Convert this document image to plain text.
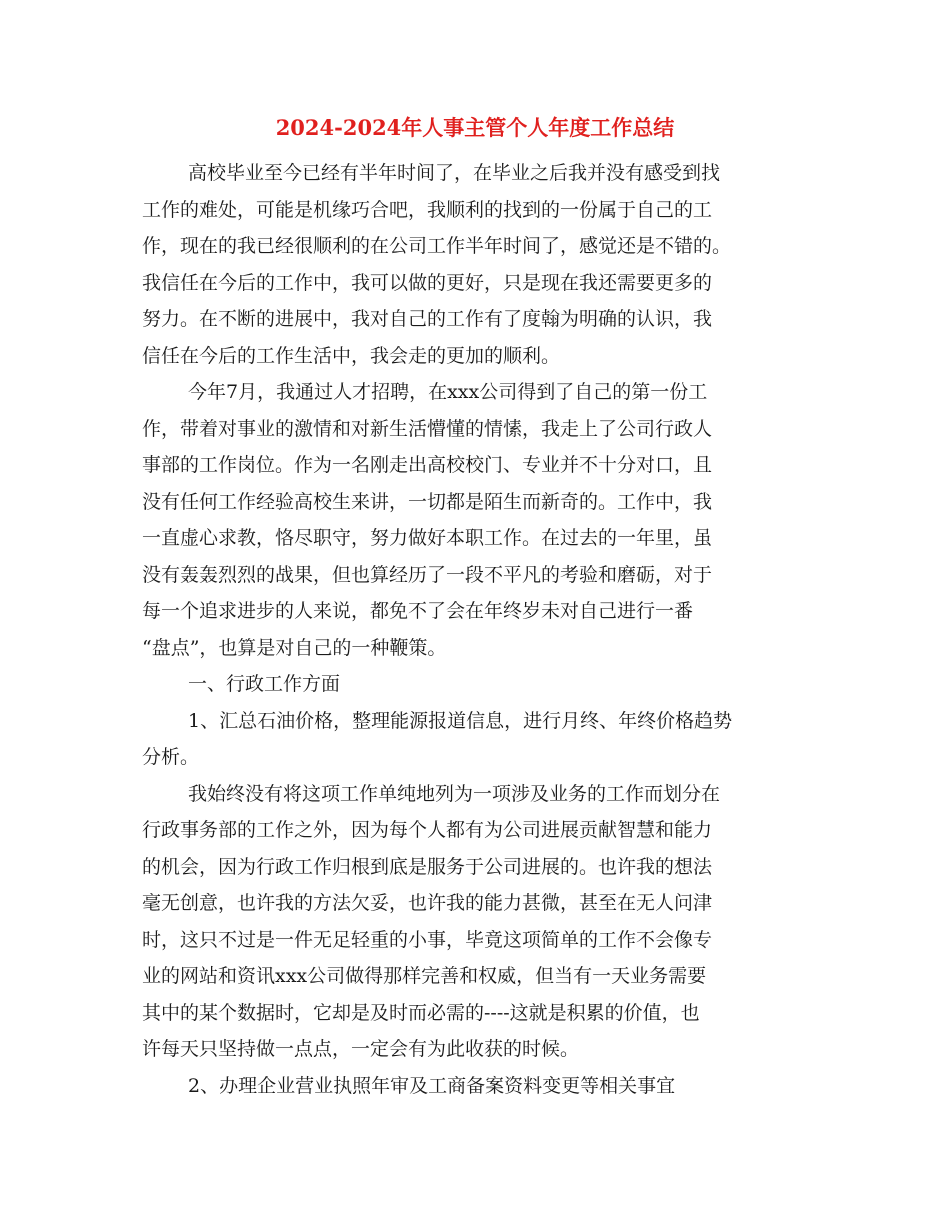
2024-2024年人事主管个人年度工作总结
高校毕业至今已经有半年时间了，在毕业之后我并没有感受到找
工作的难处，可能是机缘巧合吧，我顺利的找到的一份属于自己的工
作，现在的我已经很顺利的在公司工作半年时间了，感觉还是不错的。
我信任在今后的工作中，我可以做的更好，只是现在我还需要更多的
努力。在不断的进展中，我对自己的工作有了度翰为明确的认识，我
信任在今后的工作生活中，我会走的更加的顺利。
今年7月，我通过人才招聘，在xxx公司得到了自己的第一份工
作，带着对事业的激情和对新生活懵懂的情愫，我走上了公司行政人
事部的工作岗位。作为一名刚走出高校校门、专业并不十分对口，且
没有任何工作经验高校生来讲，一切都是陌生而新奇的。工作中，我
一直虚心求教，恪尽职守，努力做好本职工作。在过去的一年里，虽
没有轰轰烈烈的战果，但也算经历了一段不平凡的考验和磨砺，对于
每一个追求进步的人来说，都免不了会在年终岁未对自己进行一番
“盘点”，也算是对自己的一种鞭策。
一、行政工作方面
1、汇总石油价格，整理能源报道信息，进行月终、年终价格趋势
分析。
我始终没有将这项工作单纯地列为一项涉及业务的工作而划分在
行政事务部的工作之外，因为每个人都有为公司进展贡献智慧和能力
的机会，因为行政工作归根到底是服务于公司进展的。也许我的想法
毫无创意，也许我的方法欠妥，也许我的能力甚微，甚至在无人问津
时，这只不过是一件无足轻重的小事，毕竟这项简单的工作不会像专
业的网站和资讯xxx公司做得那样完善和权威，但当有一天业务需要
其中的某个数据时，它却是及时而必需的----这就是积累的价值，也
许每天只坚持做一点点，一定会有为此收获的时候。
2、办理企业营业执照年审及工商备案资料变更等相关事宜
